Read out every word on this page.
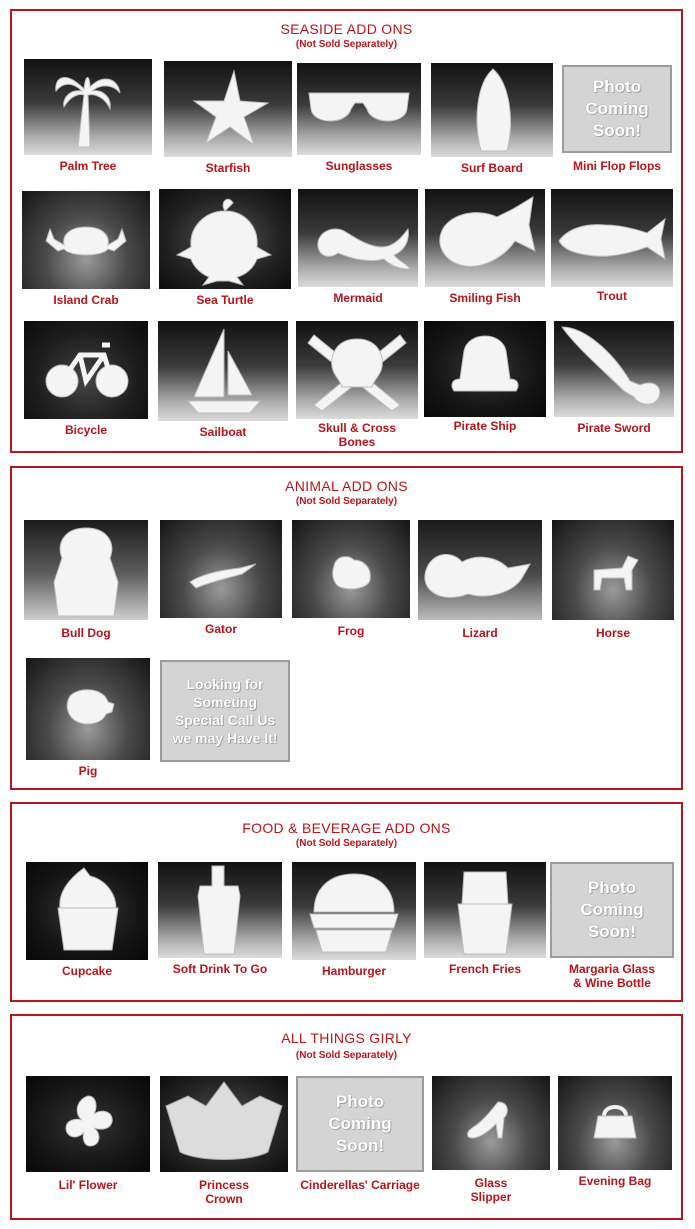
SEASIDE ADD ONS
(Not Sold Separately)
Palm Tree	Starfish	Sunglasses	Surf Board
Photo
Coming
Soon!
Mini Flop Flops
Island Crab	Sea Turtle	Mermaid	Smiling Fish	Trout
Bicycle	Sailboat	Skull & Cross
Bones
Pirate Ship	Pirate Sword
ANIMAL ADD ONS
(Not Sold Separately)
Bull Dog	Gator	Frog	Lizard	Horse
Pig
Looking for
Someting
Special Call Us
we may Have It!
FOOD & BEVERAGE ADD ONS
(Not Sold Separately)
Cupcake	Soft Drink To Go	Hamburger	French Fries
Photo
Coming
Soon!
Margaria Glass
& Wine Bottle
ALL THINGS GIRLY
(Not Sold Separately)
Lil' Flower	Princess
Crown
Photo
Coming
Soon!
Cinderellas' Carriage	Glass
Slipper
Evening Bag
